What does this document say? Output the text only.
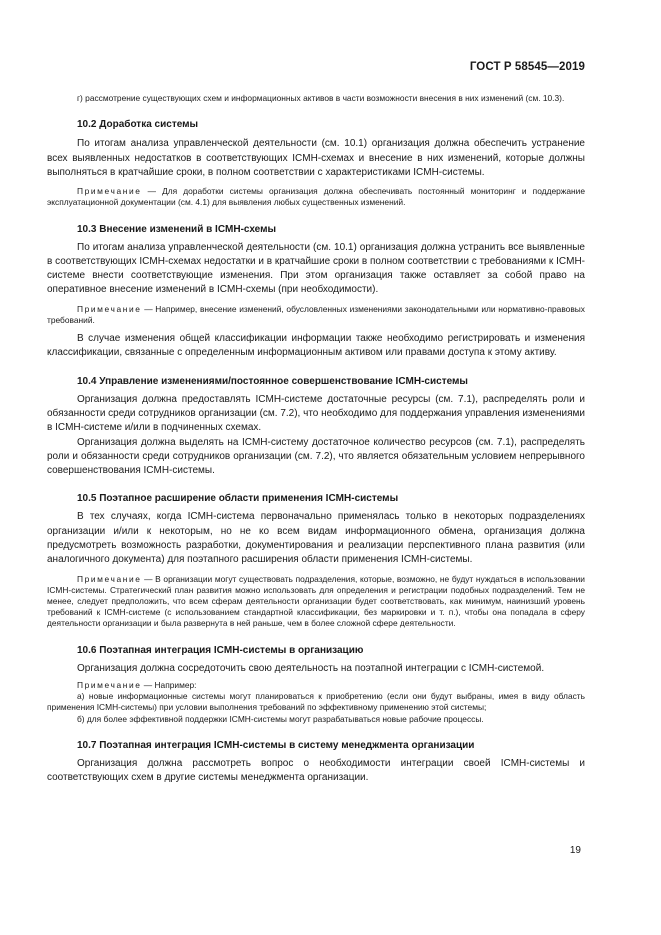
ГОСТ Р 58545—2019

г) рассмотрение существующих схем и информационных активов в части возможности внесения в них изменений (см. 10.3).

10.2 Доработка системы

По итогам анализа управленческой деятельности (см. 10.1) организация должна обеспечить устранение всех выявленных недостатков в соответствующих ICMH-схемах и внесение в них изменений, которые должны выполняться в кратчайшие сроки, в полном соответствии с характеристиками ICMH-системы.

Примечание — Для доработки системы организация должна обеспечивать постоянный мониторинг и поддержание эксплуатационной документации (см. 4.1) для выявления любых существенных изменений.

10.3 Внесение изменений в ICMH-схемы

По итогам анализа управленческой деятельности (см. 10.1) организация должна устранить все выявленные в соответствующих ICMH-схемах недостатки и в кратчайшие сроки в полном соответствии с требованиями к ICMH-системе внести соответствующие изменения. При этом организация также оставляет за собой право на оперативное внесение изменений в ICMH-схемы (при необходимости).

Примечание — Например, внесение изменений, обусловленных изменениями законодательными или нормативно-правовых требований.

В случае изменения общей классификации информации также необходимо регистрировать и изменения классификации, связанные с определенным информационным активом или правами доступа к этому активу.

10.4 Управление изменениями/постоянное совершенствование ICMH-системы

Организация должна предоставлять ICMH-системе достаточные ресурсы (см. 7.1), распределять роли и обязанности среди сотрудников организации (см. 7.2), что необходимо для поддержания управления изменениями в ICMH-системе и/или в подчиненных схемах.

Организация должна выделять на ICMH-систему достаточное количество ресурсов (см. 7.1), распределять роли и обязанности среди сотрудников организации (см. 7.2), что является обязательным условием непрерывного совершенствования ICMH-системы.

10.5 Поэтапное расширение области применения ICMH-системы

В тех случаях, когда ICMH-система первоначально применялась только в некоторых подразделениях организации и/или к некоторым, но не ко всем видам информационного обмена, организация должна предусмотреть возможность разработки, документирования и реализации перспективного плана развития (или аналогичного документа) для поэтапного расширения области применения ICMH-системы.

Примечание — В организации могут существовать подразделения, которые, возможно, не будут нуждаться в использовании ICMH-системы. Стратегический план развития можно использовать для определения и регистрации подобных подразделений. Тем не менее, следует предположить, что всем сферам деятельности организации будет соответствовать, как минимум, наинизший уровень требований к ICMH-системе (с использованием стандартной классификации, без маркировки и т. п.), чтобы она попадала в сферу деятельности организации и была развернута в ней раньше, чем в более сложной сфере деятельности.

10.6 Поэтапная интеграция ICMH-системы в организацию

Организация должна сосредоточить свою деятельность на поэтапной интеграции с ICMH-системой.

Примечание — Например:

а) новые информационные системы могут планироваться к приобретению (если они будут выбраны, имея в виду область применения ICMH-системы) при условии выполнения требований по эффективному применению этой системы;

б) для более эффективной поддержки ICMH-системы могут разрабатываться новые рабочие процессы.

10.7 Поэтапная интеграция ICMH-системы в систему менеджмента организации

Организация должна рассмотреть вопрос о необходимости интеграции своей ICMH-системы и соответствующих схем в другие системы менеджмента организации.

19
